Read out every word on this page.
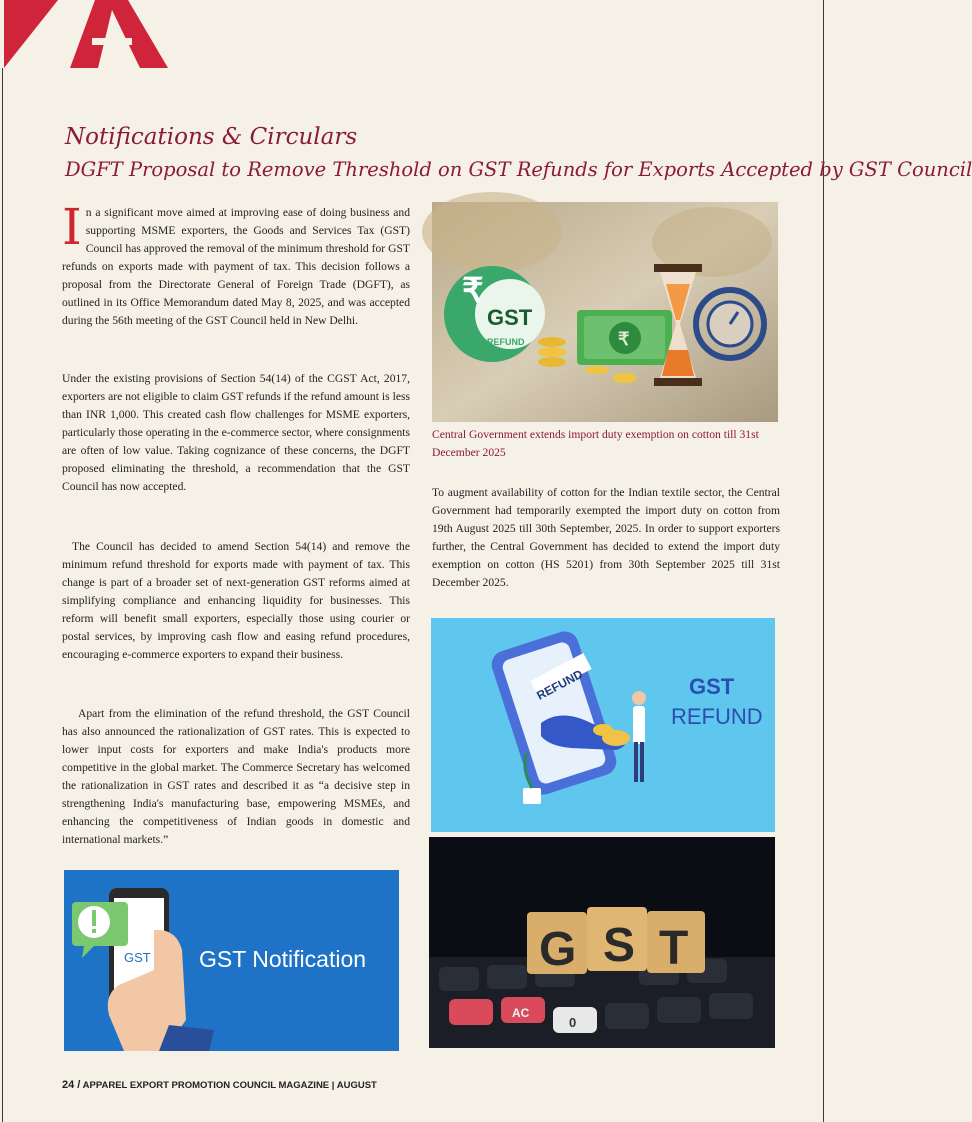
Notifications & Circulars
DGFT Proposal to Remove Threshold on GST Refunds for Exports Accepted by GST Council
In a significant move aimed at improving ease of doing business and supporting MSME exporters, the Goods and Services Tax (GST) Council has approved the removal of the minimum threshold for GST refunds on exports made with payment of tax. This decision follows a proposal from the Directorate General of Foreign Trade (DGFT), as outlined in its Office Memorandum dated May 8, 2025, and was accepted during the 56th meeting of the GST Council held in New Delhi.
Under the existing provisions of Section 54(14) of the CGST Act, 2017, exporters are not eligible to claim GST refunds if the refund amount is less than INR 1,000. This created cash flow challenges for MSME exporters, particularly those operating in the e-commerce sector, where consignments are often of low value. Taking cognizance of these concerns, the DGFT proposed eliminating the threshold, a recommendation that the GST Council has now accepted.
The Council has decided to amend Section 54(14) and remove the minimum refund threshold for exports made with payment of tax. This change is part of a broader set of next-generation GST reforms aimed at simplifying compliance and enhancing liquidity for businesses. This reform will benefit small exporters, especially those using courier or postal services, by improving cash flow and easing refund procedures, encouraging e-commerce exporters to expand their business.
Apart from the elimination of the refund threshold, the GST Council has also announced the rationalization of GST rates. This is expected to lower input costs for exporters and make India's products more competitive in the global market. The Commerce Secretary has welcomed the rationalization in GST rates and described it as “a decisive step in strengthening India's manufacturing base, empowering MSMEs, and enhancing the competitiveness of Indian goods in domestic and international markets.”
Central Government extends import duty exemption on cotton till 31st December 2025
To augment availability of cotton for the Indian textile sector, the Central Government had temporarily exempted the import duty on cotton from 19th August 2025 till 30th September, 2025. In order to support exporters further, the Central Government has decided to extend the import duty exemption on cotton (HS 5201) from 30th September 2025 till 31st December 2025.
₹
GST
REFUND	₹
REFUND	GST
REFUND
GST GST Notification
AC
0
G S T
24 / APPAREL EXPORT PROMOTION COUNCIL MAGAZINE | AUGUST
